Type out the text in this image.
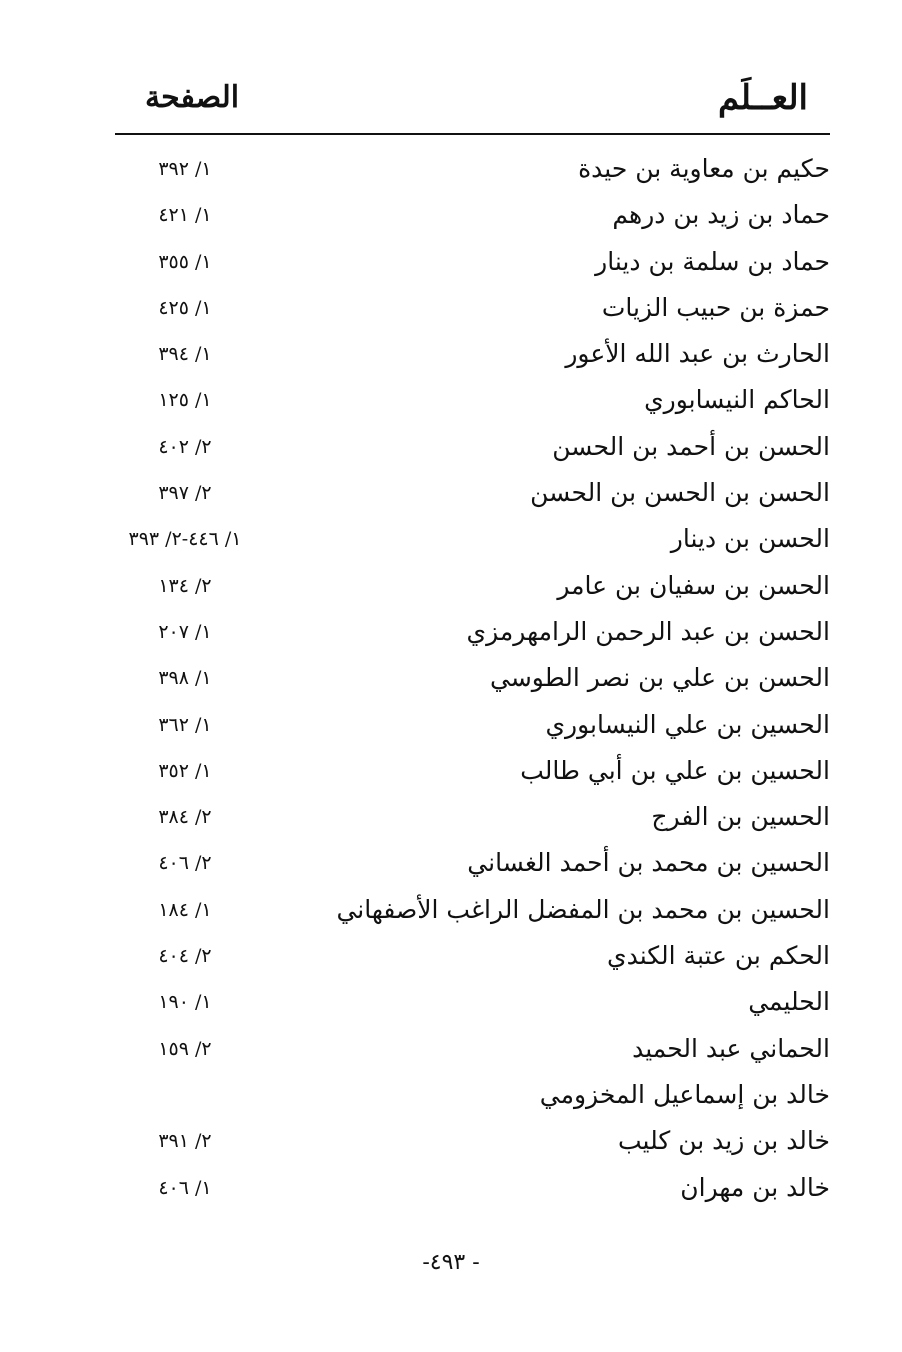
العــلَم
الصفحة
حكيم بن معاوية بن حيدة
١/ ٣٩٢
حماد بن زيد بن درهم
١/ ٤٢١
حماد بن سلمة بن دينار
١/ ٣٥٥
حمزة بن حبيب الزيات
١/ ٤٢٥
الحارث بن عبد الله الأعور
١/ ٣٩٤
الحاكم النيسابوري
١/ ١٢٥
الحسن بن أحمد بن الحسن
٢/ ٤٠٢
الحسن بن الحسن بن الحسن
٢/ ٣٩٧
الحسن بن دينار
١/ ٤٤٦-٢/ ٣٩٣
الحسن بن سفيان بن عامر
٢/ ١٣٤
الحسن بن عبد الرحمن الرامهرمزي
١/ ٢٠٧
الحسن بن علي بن نصر الطوسي
١/ ٣٩٨
الحسين بن علي النيسابوري
١/ ٣٦٢
الحسين بن علي بن أبي طالب
١/ ٣٥٢
الحسين بن الفرج
٢/ ٣٨٤
الحسين بن محمد بن أحمد الغساني
٢/ ٤٠٦
الحسين بن محمد بن المفضل الراغب الأصفهاني
١/ ١٨٤
الحكم بن عتبة الكندي
٢/ ٤٠٤
الحليمي
١/ ١٩٠
الحماني عبد الحميد
٢/ ١٥٩
خالد بن إسماعيل المخزومي
خالد بن زيد بن كليب
٢/ ٣٩١
خالد بن مهران
١/ ٤٠٦
- ٤٩٣-
